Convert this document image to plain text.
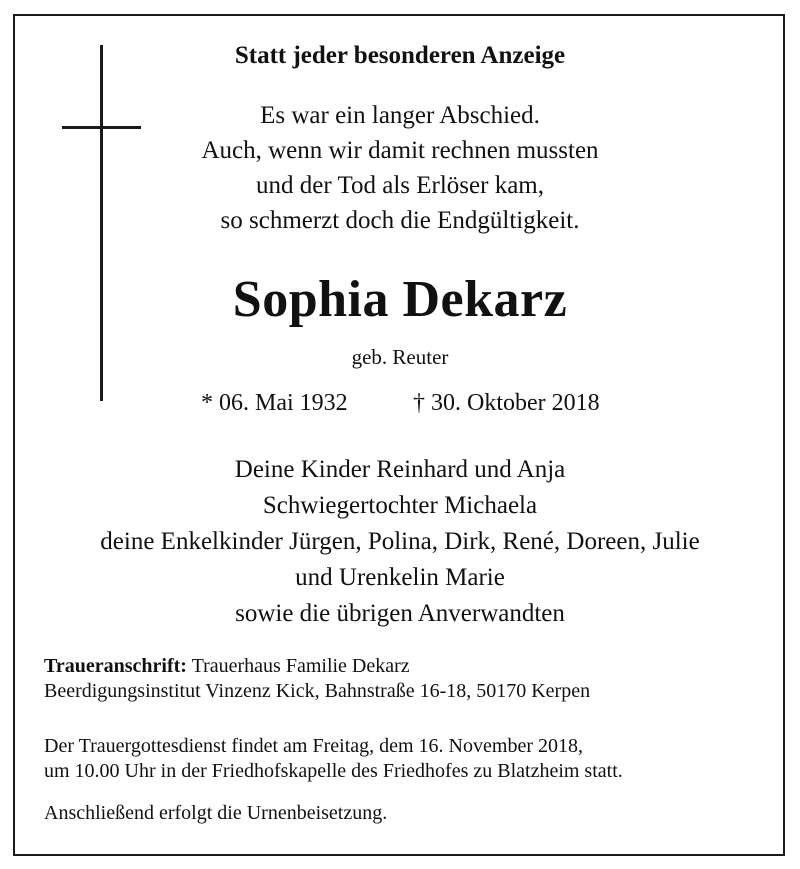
Statt jeder besonderen Anzeige
Es war ein langer Abschied.
Auch, wenn wir damit rechnen mussten
und der Tod als Erlöser kam,
so schmerzt doch die Endgültigkeit.
Sophia Dekarz
geb. Reuter
* 06. Mai 1932	† 30. Oktober 2018
Deine Kinder Reinhard und Anja
Schwiegertochter Michaela
deine Enkelkinder Jürgen, Polina, Dirk, René, Doreen, Julie
und Urenkelin Marie
sowie die übrigen Anverwandten
Traueranschrift: Trauerhaus Familie Dekarz
Beerdigungsinstitut Vinzenz Kick, Bahnstraße 16-18, 50170 Kerpen
Der Trauergottesdienst findet am Freitag, dem 16. November 2018,
um 10.00 Uhr in der Friedhofskapelle des Friedhofes zu Blatzheim statt.
Anschließend erfolgt die Urnenbeisetzung.
